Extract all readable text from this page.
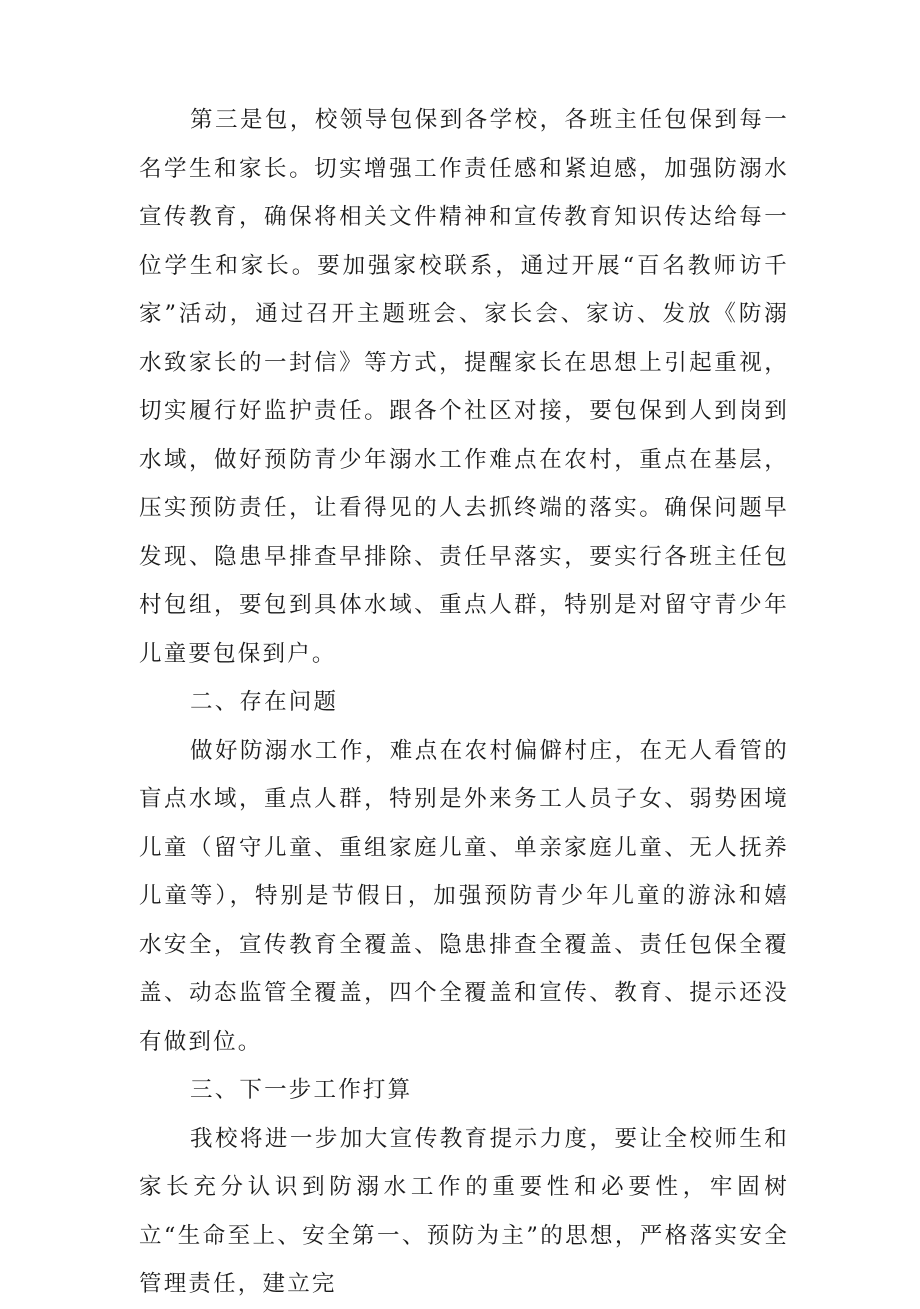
第三是包，校领导包保到各学校，各班主任包保到每一名学生和家长。切实增强工作责任感和紧迫感，加强防溺水宣传教育，确保将相关文件精神和宣传教育知识传达给每一位学生和家长。要加强家校联系，通过开展“百名教师访千家”活动，通过召开主题班会、家长会、家访、发放《防溺水致家长的一封信》等方式，提醒家长在思想上引起重视，切实履行好监护责任。跟各个社区对接，要包保到人到岗到水域，做好预防青少年溺水工作难点在农村，重点在基层，压实预防责任，让看得见的人去抓终端的落实。确保问题早发现、隐患早排查早排除、责任早落实，要实行各班主任包村包组，要包到具体水域、重点人群，特别是对留守青少年儿童要包保到户。

二、存在问题

做好防溺水工作，难点在农村偏僻村庄，在无人看管的盲点水域，重点人群，特别是外来务工人员子女、弱势困境儿童（留守儿童、重组家庭儿童、单亲家庭儿童、无人抚养儿童等），特别是节假日，加强预防青少年儿童的游泳和嬉水安全，宣传教育全覆盖、隐患排查全覆盖、责任包保全覆盖、动态监管全覆盖，四个全覆盖和宣传、教育、提示还没有做到位。

三、下一步工作打算

我校将进一步加大宣传教育提示力度，要让全校师生和家长充分认识到防溺水工作的重要性和必要性，牢固树立“生命至上、安全第一、预防为主”的思想，严格落实安全管理责任，建立完
